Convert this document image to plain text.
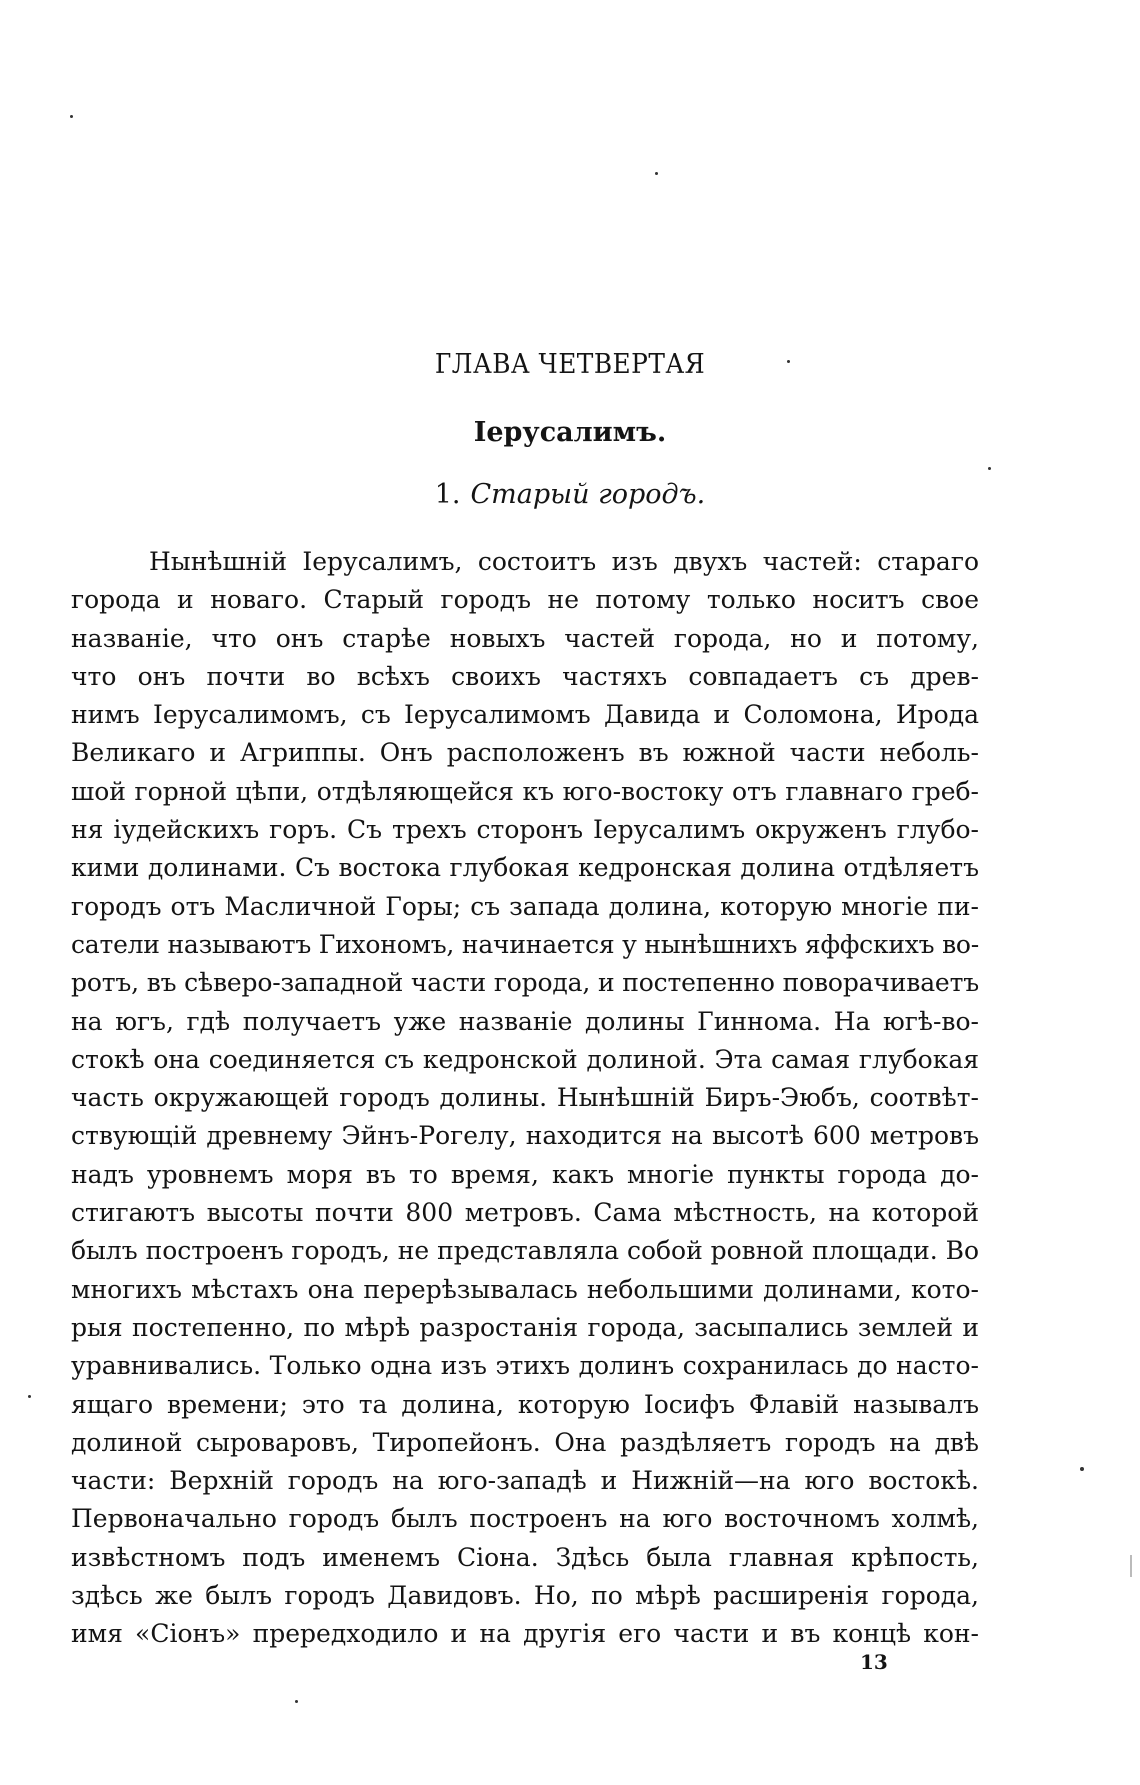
ГЛАВА ЧЕТВЕРТАЯ
Іерусалимъ.
1. Старый городъ.
Нынѣшній Іерусалимъ, состоитъ изъ двухъ частей: стараго
города и новаго. Старый городъ не потому только носитъ свое
названіе, что онъ старѣе новыхъ частей города, но и потому,
что онъ почти во всѣхъ своихъ частяхъ совпадаетъ съ древ-
нимъ Іерусалимомъ, съ Іерусалимомъ Давида и Соломона, Ирода
Великаго и Агриппы. Онъ расположенъ въ южной части неболь-
шой горной цѣпи, отдѣляющейся къ юго-востоку отъ главнаго греб-
ня іудейскихъ горъ. Съ трехъ сторонъ Іерусалимъ окруженъ глубо-
кими долинами. Съ востока глубокая кедронская долина отдѣляетъ
городъ отъ Масличной Горы; съ запада долина, которую многіе пи-
сатели называютъ Гихономъ, начинается у нынѣшнихъ яффскихъ во-
ротъ, въ сѣверо-западной части города, и постепенно поворачиваетъ
на югъ, гдѣ получаетъ уже названіе долины Гиннома. На югѣ-во-
стокѣ она соединяется съ кедронской долиной. Эта самая глубокая
часть окружающей городъ долины. Нынѣшній Биръ-Эюбъ, соотвѣт-
ствующій древнему Эйнъ-Рогелу, находится на высотѣ 600 метровъ
надъ уровнемъ моря въ то время, какъ многіе пункты города до-
стигаютъ высоты почти 800 метровъ. Сама мѣстность, на которой
былъ построенъ городъ, не представляла собой ровной площади. Во
многихъ мѣстахъ она перерѣзывалась небольшими долинами, кото-
рыя постепенно, по мѣрѣ разростанія города, засыпались землей и
уравнивались. Только одна изъ этихъ долинъ сохранилась до насто-
ящаго времени; это та долина, которую Іосифъ Флавій называлъ
долиной сыроваровъ, Тиропейонъ. Она раздѣляетъ городъ на двѣ
части: Верхній городъ на юго-западѣ и Нижній—на юго востокѣ.
Первоначально городъ былъ построенъ на юго восточномъ холмѣ,
извѣстномъ подъ именемъ Сіона. Здѣсь была главная крѣпость,
здѣсь же былъ городъ Давидовъ. Но, по мѣрѣ расширенія города,
имя «Сіонъ» прередходило и на другія его части и въ концѣ кон-
13
